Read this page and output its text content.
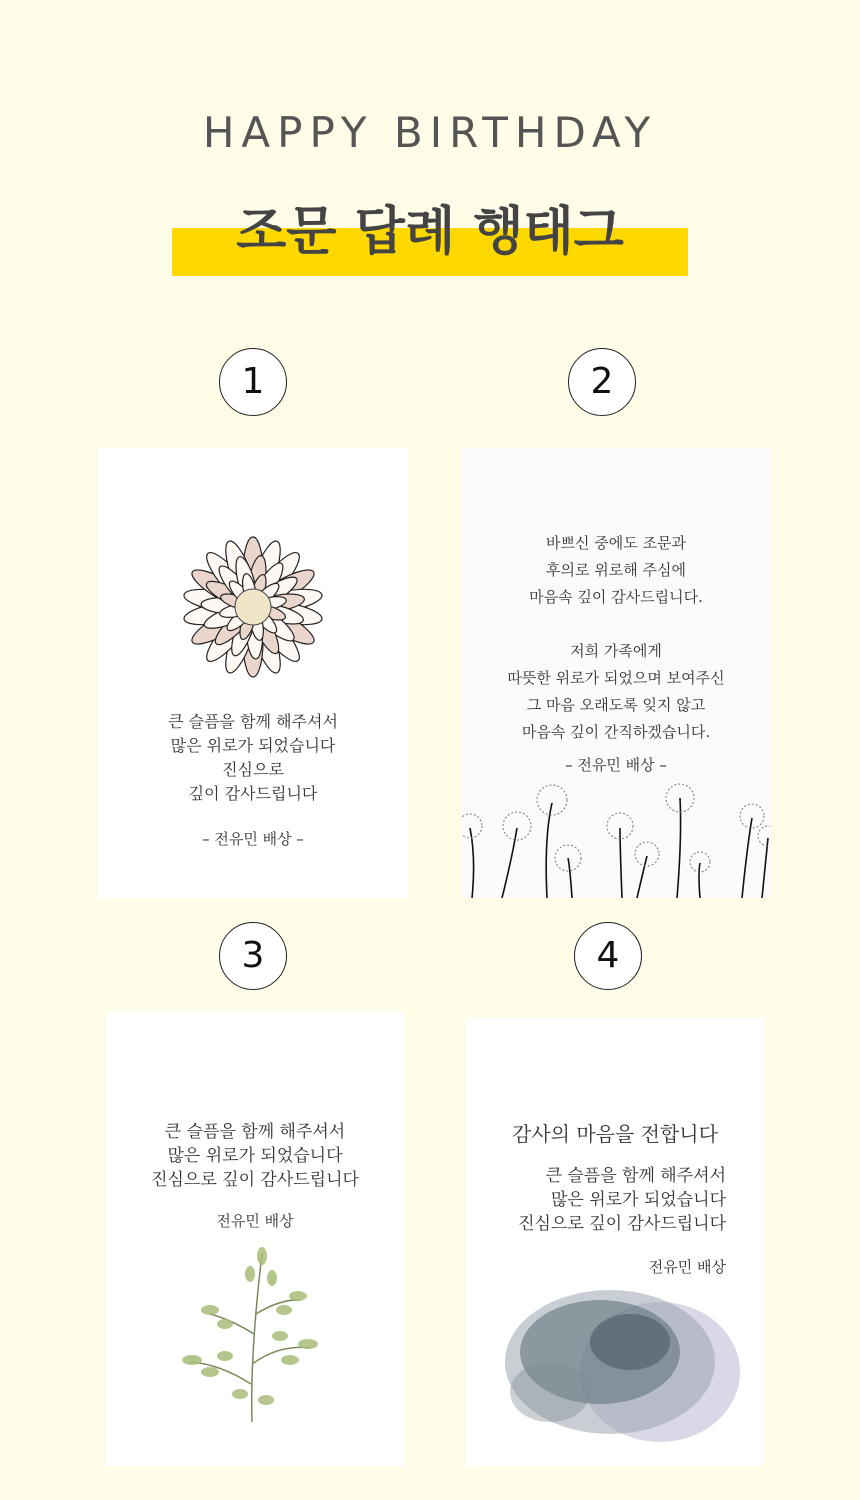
HAPPY BIRTHDAY
조문 답례 행태그
1	2
3	4
큰 슬픔을 함께 해주셔서
많은 위로가 되었습니다
진심으로
깊이 감사드립니다
– 전유민 배상 –
바쁘신 중에도 조문과
후의로 위로해 주심에
마음속 깊이 감사드립니다.
저희 가족에게
따뜻한 위로가 되었으며 보여주신
그 마음 오래도록 잊지 않고
마음속 깊이 간직하겠습니다.
– 전유민 배상 –
큰 슬픔을 함께 해주셔서
많은 위로가 되었습니다
진심으로 깊이 감사드립니다
전유민 배상
감사의 마음을 전합니다
큰 슬픔을 함께 해주셔서
많은 위로가 되었습니다
진심으로 깊이 감사드립니다
전유민 배상
